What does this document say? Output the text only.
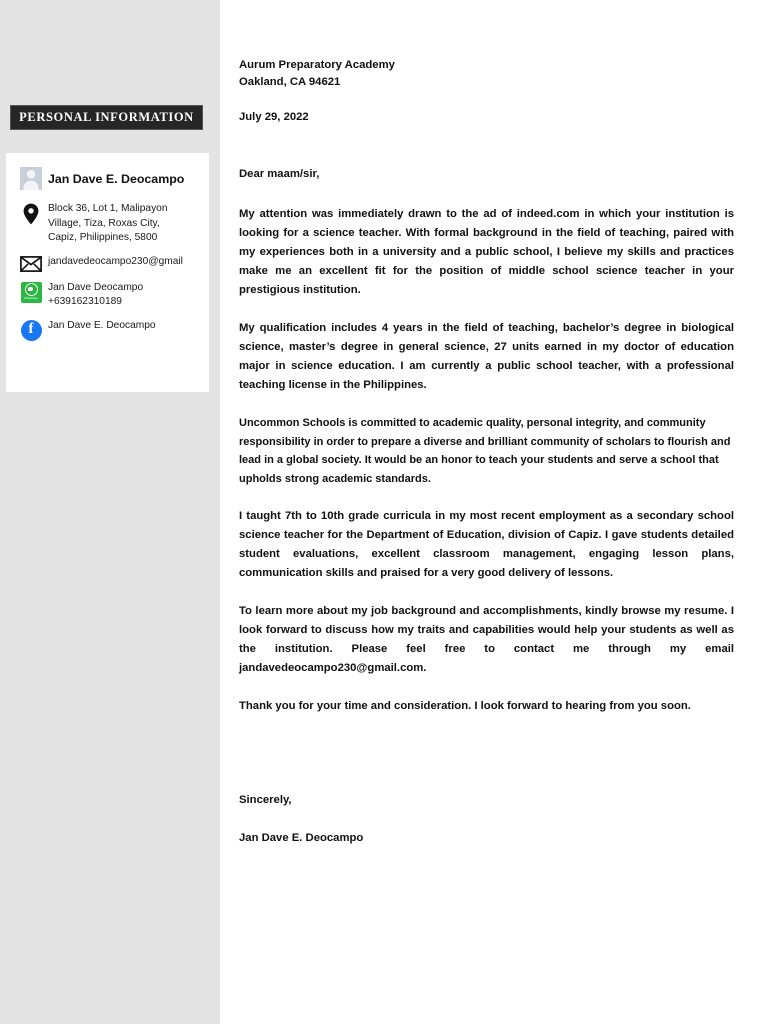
PERSONAL INFORMATION
Jan Dave E. Deocampo
Block 36, Lot 1, Malipayon
Village, Tiza, Roxas City,
Capiz, Philippines, 5800
jandavedeocampo230@gmail
WhatsApp
Jan Dave Deocampo
+639162310189
f	Jan Dave E. Deocampo
Aurum Preparatory Academy
Oakland, CA 94621
July 29, 2022
Dear maam/sir,

My attention was immediately drawn to the ad of indeed.com in which your institution is looking for a science teacher. With formal background in the field of teaching, paired with my experiences both in a university and a public school, I believe my skills and practices make me an excellent fit for the position of middle school science teacher in your prestigious institution.

My qualification includes 4 years in the field of teaching, bachelor’s degree in biological science, master’s degree in general science, 27 units earned in my doctor of education major in science education. I am currently a public school teacher, with a professional teaching license in the Philippines.

Uncommon Schools is committed to academic quality, personal integrity, and community responsibility in order to prepare a diverse and brilliant community of scholars to flourish and lead in a global society. It would be an honor to teach your students and serve a school that upholds strong academic standards.

I taught 7th to 10th grade curricula in my most recent employment as a secondary school science teacher for the Department of Education, division of Capiz. I gave students detailed student evaluations, excellent classroom management, engaging lesson plans, communication skills and praised for a very good delivery of lessons.

To learn more about my job background and accomplishments, kindly browse my resume. I look forward to discuss how my traits and capabilities would help your students as well as the institution. Please feel free to contact me through my email jandavedeocampo230@gmail.com.

Thank you for your time and consideration. I look forward to hearing from you soon.

Sincerely,
Jan Dave E. Deocampo
